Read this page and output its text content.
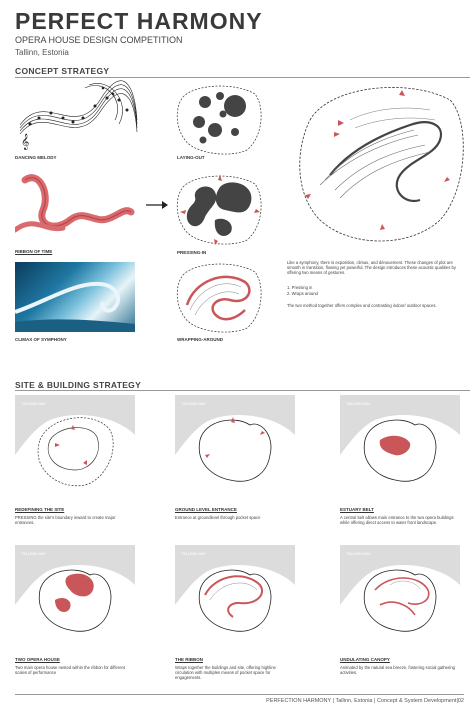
PERFECT HARMONY
OPERA HOUSE DESIGN COMPETITION
Tallinn, Estonia
CONCEPT STRATEGY
𝄞
DANCING MELODY
RIBBON OF TIME
CLIMAX OF SYMPHONY
LAYING-OUT
PRESSING-IN
WRAPPING-AROUND
Like a symphony, there is exposition, climax, and dénouement. These changes of plot are smooth in transition, flowing yet powerful. The design introduces these acoustic qualities by offering two means of gestures.
1. Pressing in
2. Wraps around
The two method together offers complex and contrasting indoor/ outdoor spaces.
SITE & BUILDING STRATEGY
TALLINN BAY	TALLINN BAY	TALLINN BAY
REDEFINING THE SITE
PRESSING the site's boundary inward to create major entrances.
GROUND LEVEL ENTRANCE
Entrance at groundlevel through pocket space
ESTUARY BELT
A central belt allows main entrance to the two opera buildings while offering direct access to water front landscape.
TALLINN BAY	TALLINN BAY	TALLINN BAY
TWO OPERA HOUSE
Two main opera house nested within the ribbon for different scales of performance
THE RIBBON
Wraps together the buildings and site, offering highline circulation with multiples means of pocket space for engagements.
UNDULATING CANOPY
Animated by the natural sea breeze, fostering social gathering activities.
PERFECTION HARMONY | Tallinn, Estonia | Concept & System Development|02
